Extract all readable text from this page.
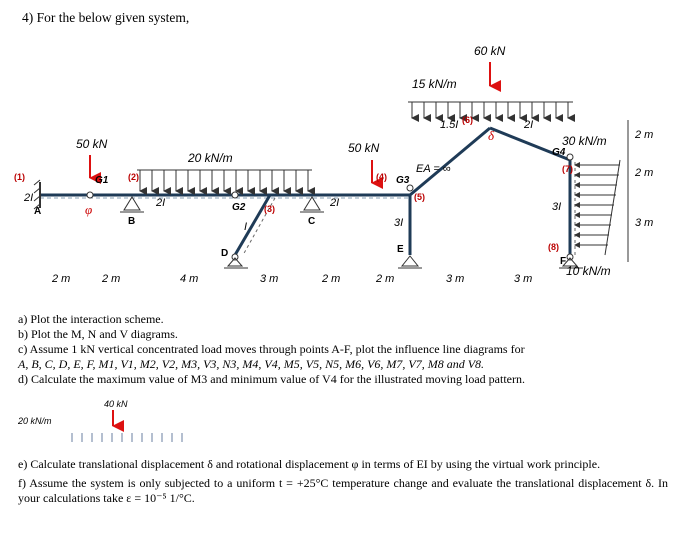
4) For the below given system,
15 kN/m
60 kN
50 kN	50 kN
20 kN/m
30 kN/m
10 kN/m
A
B	C
D	E
F
G1
G2
G3
G4
(1)	(2)
(3)
(4)
(5)
(6)
(7)
(8)
2I	2I	2I
2I
I	3I
3I
1.5I
EA = ∞
φ
δ
2 m	2 m	4 m	3 m	2 m	2 m	3 m	3 m
2 m
2 m
3 m
a) Plot the interaction scheme.
b) Plot the M, N and V diagrams.
c) Assume 1 kN vertical concentrated load moves through points A-F, plot the influence line diagrams for
A, B, C, D, E, F, M1, V1, M2, V2, M3, V3, N3, M4, V4, M5, V5, N5, M6, V6, M7, V7, M8 and V8.
d) Calculate the maximum value of M3 and minimum value of V4 for the illustrated moving load pattern.
40 kN
20 kN/m
e) Calculate translational displacement δ and rotational displacement φ in terms of EI by using the virtual work principle.
f) Assume the system is only subjected to a uniform t = +25°C temperature change and evaluate the translational displacement δ. In your calculations take ε = 10⁻⁵ 1/°C.
